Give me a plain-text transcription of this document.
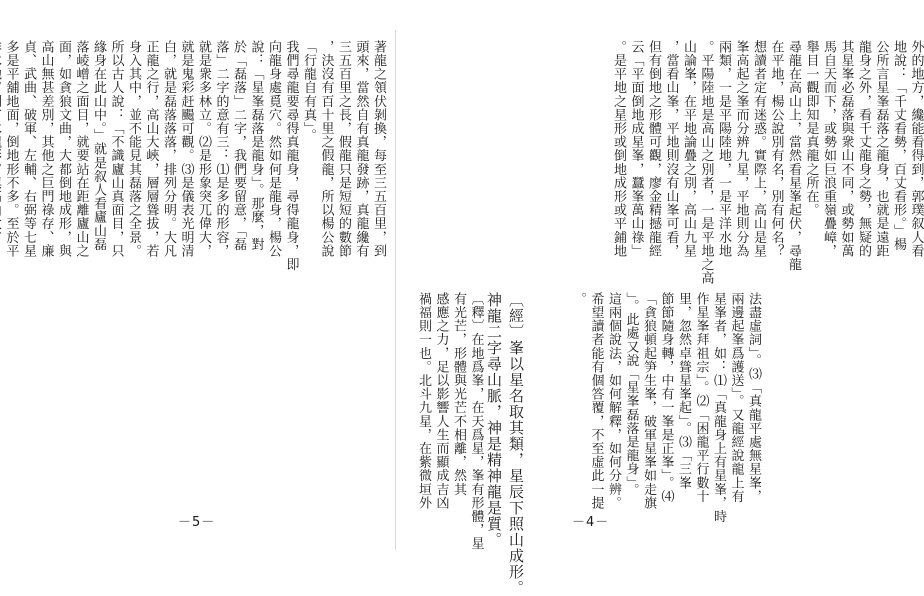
著龍之領伏剝換，每至三五百里，到
頭來，當然自有真龍發跡，真龍纔有
三五百里之長，假龍只是短短的數節
，決沒有百十里之假龍，所以楊公說
「行龍自有真」。
我們尋龍要尋得真龍身，尋得龍身，即
向龍身處覓穴。然如何是龍身，楊公
說：「星峯磊落是龍身」。那麼，對
於「磊落」二字，我們要留意，「磊
落」二字的意有三：⑴是多的形容，
就是衆多林立。⑵是形象突兀偉大，
就是鬼彩赶颺可觀。⑶是儀表光明清
白，就是磊落落落，排列分明。大凡
正龍之行，高山大峽，層層聳拔，若
身入其中，並不能見其磊落之全景。
所以古人說：「不識廬山真面目，只
緣身在此山中。」就是叙人看廬山磊
落崚嶒之面目，就要站在距離廬山之
面，如貪狼文曲，大都倒地成形，與
高山無甚差別，其他之巨門祿存、廉
貞、武曲、破軍、左輔、右弼等七星
多是平舖地面，倒地形不多。至於平
－5－
外的地方，纔能看得到，郭璞叙人看
地說：「千丈看勢，百丈看形。」楊
公所言星峯磊落之龍身，也就是遠距
龍身之外，看千丈龍身之勢，無疑的
其星峯必磊落與衆山不同，或勢如萬
馬自天而下，或勢如巨浪重嶺疊嶂，
舉目一觀即知是真龍之所在。
尋龍在高山上，當然看星峯起伏，尋龍
在平地，楊公說別有名，別有何名？
想讀者定有迷惑。實際上，高山是星
峯高起之峯而分辨九星，平地則分為
兩類，一是平陽陸地，一是平洋水地
。平陽陸地是高山之別者，一是平地之高
山論峯，在平地論疊之別，高山九星
，當看山峯，平地則沒有山峯可看，
但有倒地之形體可觀，廖金精撼龍經
云「平面倒地成星峯，蠶峯萬山祿」
。是平地之星形或倒地成形或平鋪地
法盡虛詞」。⑶「真龍平處無星峯，
兩邊起峯爲護送」。又龍經說龍上有
星峯者，如：⑴「真龍身上有星峯，時
作星峯拜祖宗」。⑵「困龍平行數十
里，忽然卓聳星峯起」。⑶「三峯
節節隨身轉，中有一峯是正峯」。⑷
「貪狼頓起笋生峯，破軍星峯如走旗
」。此處又說「星峯磊落是龍身」。
這兩個說法，如何解釋，如何分辨。
希望讀者能有個答覆，不至虛此一提
。
〔經〕峯以星名取其類，星辰下照山成形。
神龍二字尋山脈，神是精神龍是質。
〔釋〕在地爲峯，在天爲星，峯有形體，星
有光芒，形體與光芒不相離，然其
感應之力，足以影響人生而顯成吉凶
禍福則一也。北斗九星，在紫微垣外
－4－
